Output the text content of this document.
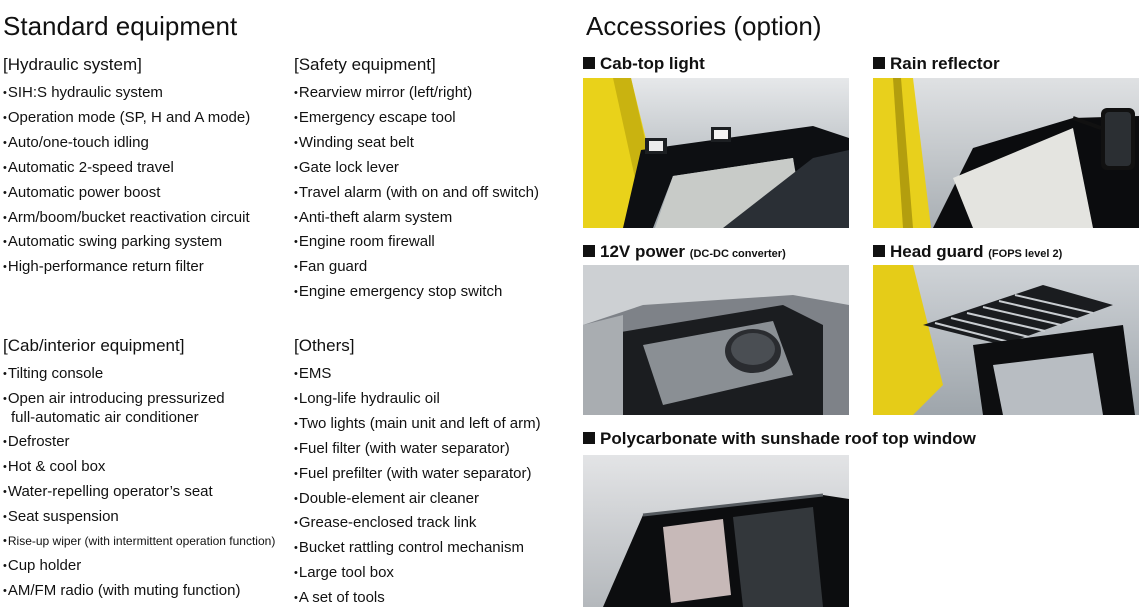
Standard equipment
[Hydraulic system]
•SIH:S hydraulic system
•Operation mode (SP, H and A mode)
•Auto/one-touch idling
•Automatic 2-speed travel
•Automatic power boost
•Arm/boom/bucket reactivation circuit
•Automatic swing parking system
•High-performance return filter
[Safety equipment]
•Rearview mirror (left/right)
•Emergency escape tool
•Winding seat belt
•Gate lock lever
•Travel alarm (with on and off switch)
•Anti-theft alarm system
•Engine room firewall
•Fan guard
•Engine emergency stop switch
[Cab/interior equipment]
•Tilting console
•Open air introducing pressurized
full-automatic air conditioner
•Defroster
•Hot & cool box
•Water-repelling operator’s seat
•Seat suspension
•Rise-up wiper (with intermittent operation function)
•Cup holder
•AM/FM radio (with muting function)
[Others]
•EMS
•Long-life hydraulic oil
•Two lights (main unit and left of arm)
•Fuel filter (with water separator)
•Fuel prefilter (with water separator)
•Double-element air cleaner
•Grease-enclosed track link
•Bucket rattling control mechanism
•Large tool box
•A set of tools
Accessories (option)
Cab-top light	Rain reflector
12V power (DC-DC converter)	Head guard (FOPS level 2)
Polycarbonate with sunshade roof top window
